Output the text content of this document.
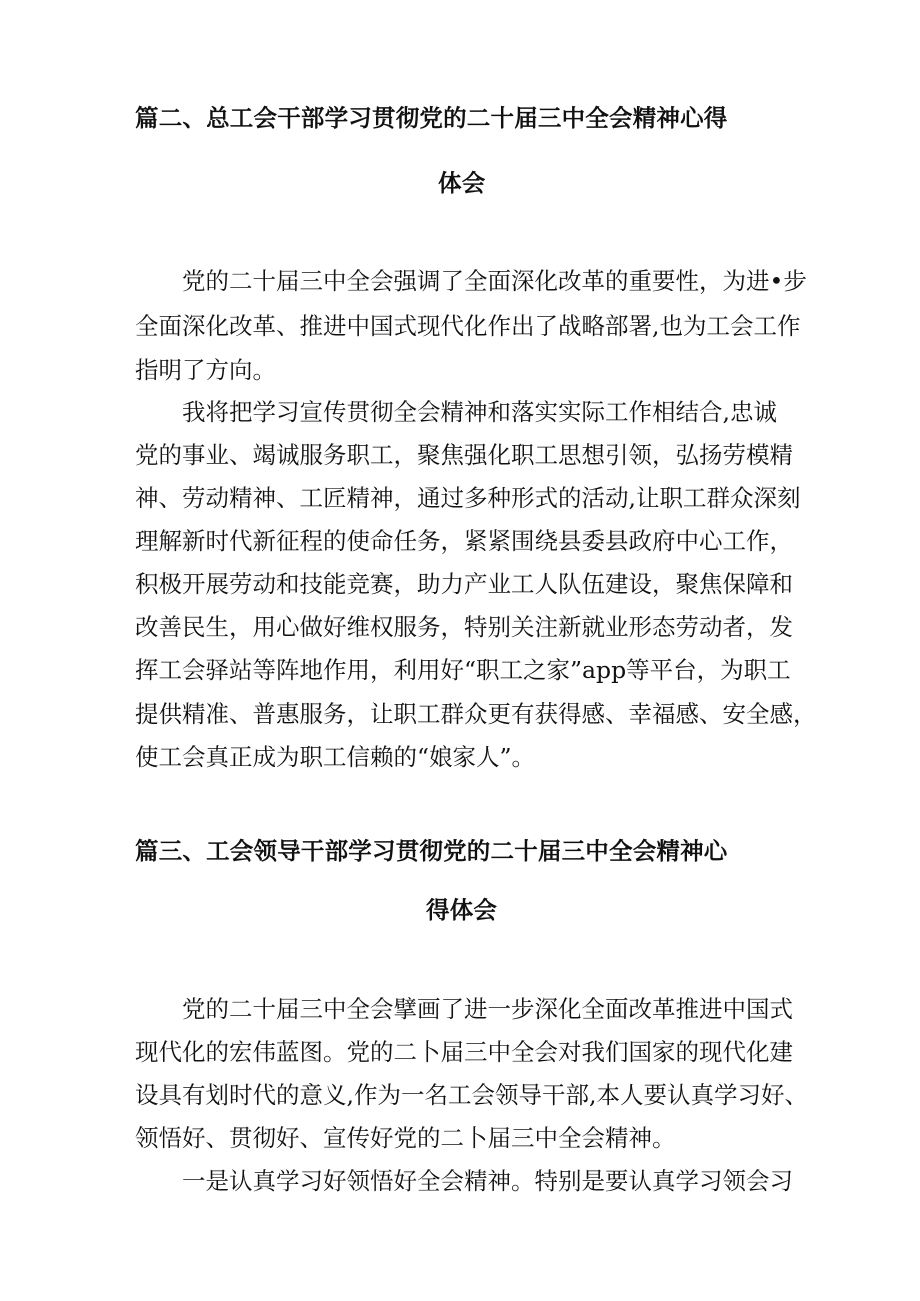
篇二、总工会干部学习贯彻党的二十届三中全会精神心得

体会

党的二十届三中全会强调了全面深化改革的重要性，为进•步

全面深化改革、推进中国式现代化作出了战略部署,也为工会工作

指明了方向。

我将把学习宣传贯彻全会精神和落实实际工作相结合,忠诚

党的事业、竭诚服务职工，聚焦强化职工思想引领，弘扬劳模精

神、劳动精神、工匠精神，通过多种形式的活动,让职工群众深刻

理解新时代新征程的使命任务，紧紧围绕县委县政府中心工作，

积极开展劳动和技能竞赛，助力产业工人队伍建设，聚焦保障和

改善民生，用心做好维权服务，特别关注新就业形态劳动者，发

挥工会驿站等阵地作用，利用好“职工之家”app等平台，为职工

提供精准、普惠服务，让职工群众更有获得感、幸福感、安全感，

使工会真正成为职工信赖的“娘家人”。

篇三、工会领导干部学习贯彻党的二十届三中全会精神心

得体会

党的二十届三中全会擘画了进一步深化全面改革推进中国式

现代化的宏伟蓝图。党的二卜届三中全会对我们国家的现代化建

设具有划时代的意义,作为一名工会领导干部,本人要认真学习好、

领悟好、贯彻好、宣传好党的二卜届三中全会精神。

一是认真学习好领悟好全会精神。特别是要认真学习领会习
